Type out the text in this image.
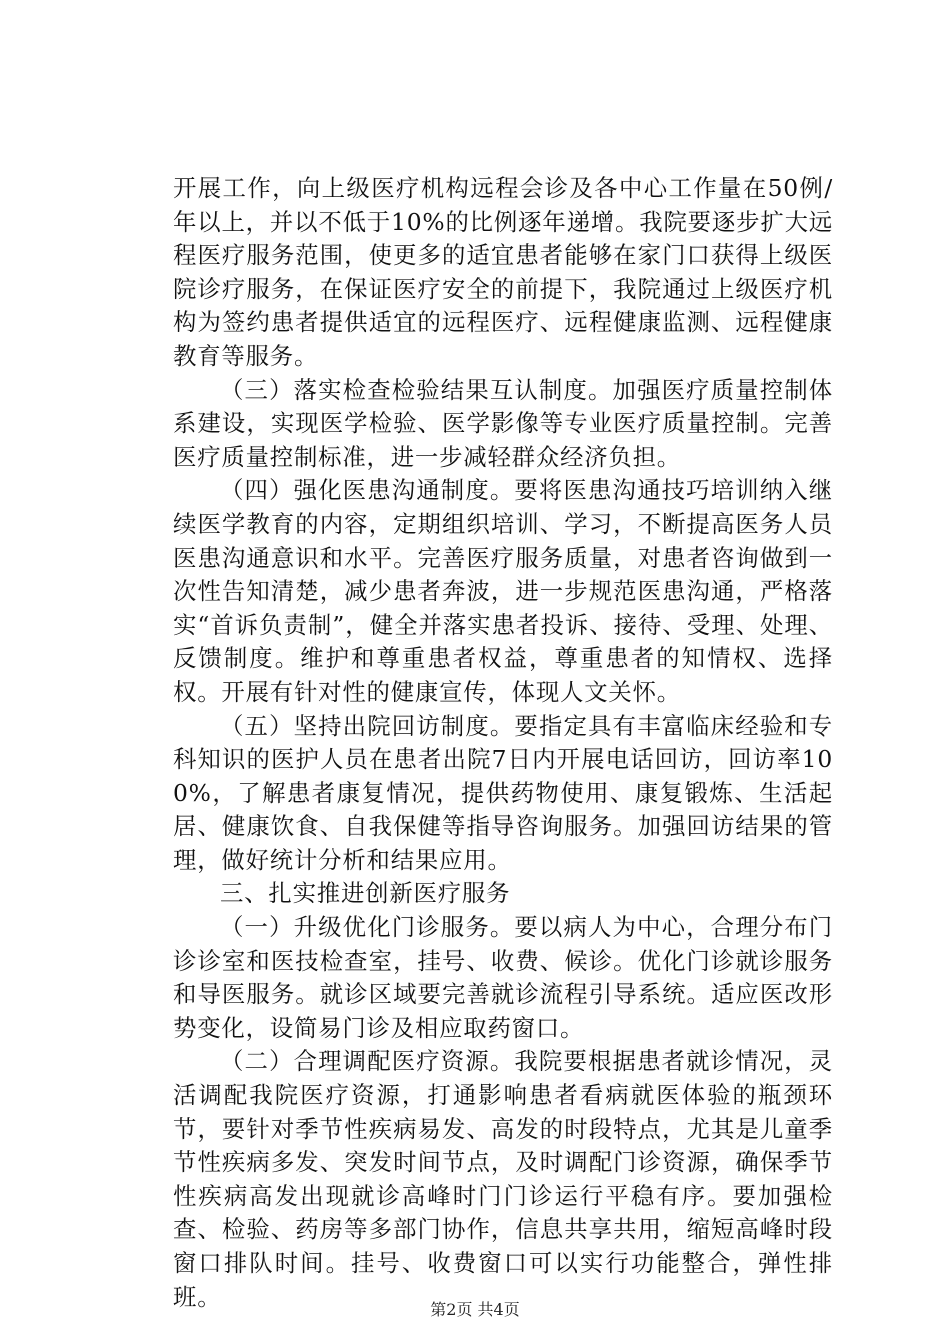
开展工作，向上级医疗机构远程会诊及各中心工作量在50例/年以上，并以不低于10%的比例逐年递增。我院要逐步扩大远程医疗服务范围，使更多的适宜患者能够在家门口获得上级医院诊疗服务，在保证医疗安全的前提下，我院通过上级医疗机构为签约患者提供适宜的远程医疗、远程健康监测、远程健康教育等服务。

（三）落实检查检验结果互认制度。加强医疗质量控制体系建设，实现医学检验、医学影像等专业医疗质量控制。完善医疗质量控制标准，进一步减轻群众经济负担。

（四）强化医患沟通制度。要将医患沟通技巧培训纳入继续医学教育的内容，定期组织培训、学习，不断提高医务人员医患沟通意识和水平。完善医疗服务质量，对患者咨询做到一次性告知清楚，减少患者奔波，进一步规范医患沟通，严格落实“首诉负责制”，健全并落实患者投诉、接待、受理、处理、反馈制度。维护和尊重患者权益，尊重患者的知情权、选择权。开展有针对性的健康宣传，体现人文关怀。

（五）坚持出院回访制度。要指定具有丰富临床经验和专科知识的医护人员在患者出院7日内开展电话回访，回访率100%，了解患者康复情况，提供药物使用、康复锻炼、生活起居、健康饮食、自我保健等指导咨询服务。加强回访结果的管理，做好统计分析和结果应用。

三、扎实推进创新医疗服务

（一）升级优化门诊服务。要以病人为中心，合理分布门诊诊室和医技检查室，挂号、收费、候诊。优化门诊就诊服务和导医服务。就诊区域要完善就诊流程引导系统。适应医改形势变化，设简易门诊及相应取药窗口。

（二）合理调配医疗资源。我院要根据患者就诊情况，灵活调配我院医疗资源，打通影响患者看病就医体验的瓶颈环节，要针对季节性疾病易发、高发的时段特点，尤其是儿童季节性疾病多发、突发时间节点，及时调配门诊资源，确保季节性疾病高发出现就诊高峰时门门诊运行平稳有序。要加强检查、检验、药房等多部门协作，信息共享共用，缩短高峰时段窗口排队时间。挂号、收费窗口可以实行功能整合，弹性排班。	第2页 共4页
